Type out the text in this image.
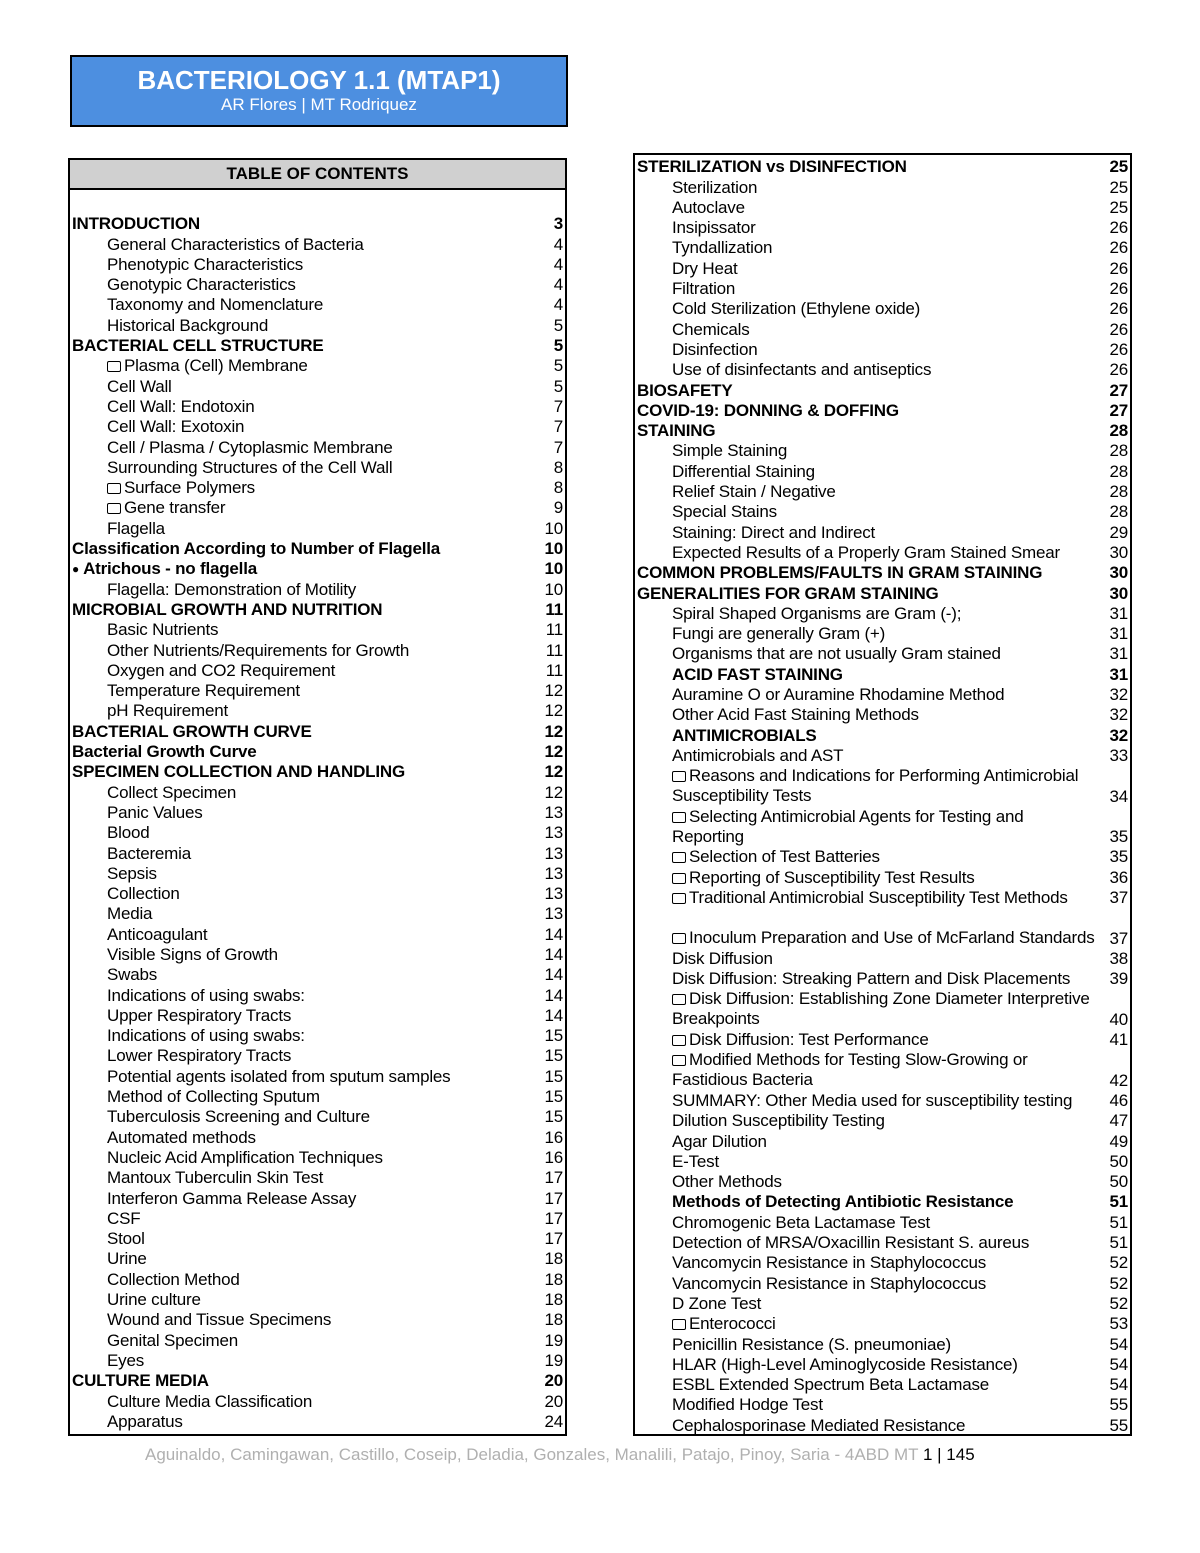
BACTERIOLOGY 1.1 (MTAP1)
AR Flores | MT Rodriquez
TABLE OF CONTENTS
INTRODUCTION	3
General Characteristics of Bacteria	4
Phenotypic Characteristics	4
Genotypic Characteristics	4
Taxonomy and Nomenclature	4
Historical Background	5
BACTERIAL CELL STRUCTURE	5
Plasma (Cell) Membrane	5
Cell Wall	5
Cell Wall: Endotoxin	7
Cell Wall: Exotoxin	7
Cell / Plasma / Cytoplasmic Membrane	7
Surrounding Structures of the Cell Wall	8
Surface Polymers	8
Gene transfer	9
Flagella	10
Classification According to Number of Flagella	10
● Atrichous - no flagella	10
Flagella: Demonstration of Motility	10
MICROBIAL GROWTH AND NUTRITION	11
Basic Nutrients	11
Other Nutrients/Requirements for Growth	11
Oxygen and CO2 Requirement	11
Temperature Requirement	12
pH Requirement	12
BACTERIAL GROWTH CURVE	12
Bacterial Growth Curve	12
SPECIMEN COLLECTION AND HANDLING	12
Collect Specimen	12
Panic Values	13
Blood	13
Bacteremia	13
Sepsis	13
Collection	13
Media	13
Anticoagulant	14
Visible Signs of Growth	14
Swabs	14
Indications of using swabs:	14
Upper Respiratory Tracts	14
Indications of using swabs:	15
Lower Respiratory Tracts	15
Potential agents isolated from sputum samples	15
Method of Collecting Sputum	15
Tuberculosis Screening and Culture	15
Automated methods	16
Nucleic Acid Amplification Techniques	16
Mantoux Tuberculin Skin Test	17
Interferon Gamma Release Assay	17
CSF	17
Stool	17
Urine	18
Collection Method	18
Urine culture	18
Wound and Tissue Specimens	18
Genital Specimen	19
Eyes	19
CULTURE MEDIA	20
Culture Media Classification	20
Apparatus	24
STERILIZATION vs DISINFECTION	25
Sterilization	25
Autoclave	25
Insipissator	26
Tyndallization	26
Dry Heat	26
Filtration	26
Cold Sterilization (Ethylene oxide)	26
Chemicals	26
Disinfection	26
Use of disinfectants and antiseptics	26
BIOSAFETY	27
COVID-19: DONNING & DOFFING	27
STAINING	28
Simple Staining	28
Differential Staining	28
Relief Stain / Negative	28
Special Stains	28
Staining: Direct and Indirect	29
Expected Results of a Properly Gram Stained Smear	30
COMMON PROBLEMS/FAULTS IN GRAM STAINING	30
GENERALITIES FOR GRAM STAINING	30
Spiral Shaped Organisms are Gram (-);	31
Fungi are generally Gram (+)	31
Organisms that are not usually Gram stained	31
ACID FAST STAINING	31
Auramine O or Auramine Rhodamine Method	32
Other Acid Fast Staining Methods	32
ANTIMICROBIALS	32
Antimicrobials and AST	33
Reasons and Indications for Performing Antimicrobial Susceptibility Tests	34
Selecting Antimicrobial Agents for Testing and Reporting	35
Selection of Test Batteries	35
Reporting of Susceptibility Test Results	36
Traditional Antimicrobial Susceptibility Test Methods	37
Inoculum Preparation and Use of McFarland Standards 37
Disk Diffusion	38
Disk Diffusion: Streaking Pattern and Disk Placements	39
Disk Diffusion: Establishing Zone Diameter Interpretive Breakpoints	40
Disk Diffusion: Test Performance	41
Modified Methods for Testing Slow-Growing or Fastidious Bacteria	42
SUMMARY: Other Media used for susceptibility testing	46
Dilution Susceptibility Testing	47
Agar Dilution	49
E-Test	50
Other Methods	50
Methods of Detecting Antibiotic Resistance	51
Chromogenic Beta Lactamase Test	51
Detection of MRSA/Oxacillin Resistant S. aureus	51
Vancomycin Resistance in Staphylococcus	52
Vancomycin Resistance in Staphylococcus	52
D Zone Test	52
Enterococci	53
Penicillin Resistance (S. pneumoniae)	54
HLAR (High-Level Aminoglycoside Resistance)	54
ESBL Extended Spectrum Beta Lactamase	54
Modified Hodge Test	55
Cephalosporinase Mediated Resistance	55
Aguinaldo, Camingawan, Castillo, Coseip, Deladia, Gonzales, Manalili, Patajo, Pinoy, Saria - 4ABD MT 1 | 145
